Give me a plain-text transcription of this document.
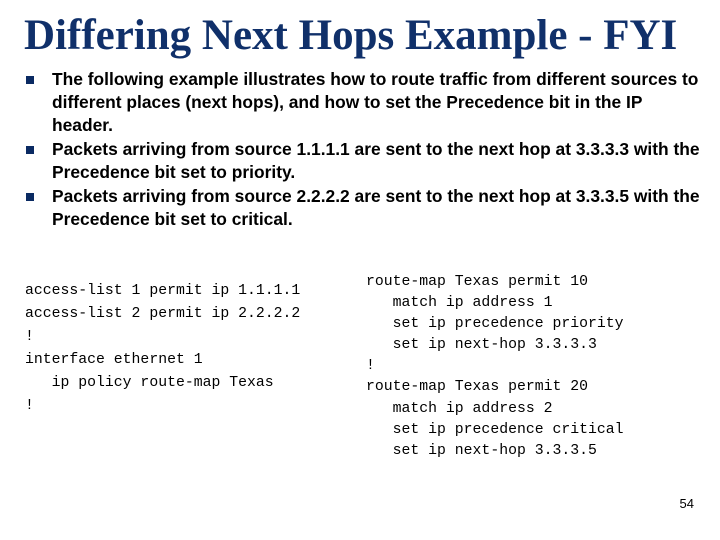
Differing Next Hops Example - FYI
The following example illustrates how to route traffic from different sources to different places (next hops), and how to set the Precedence bit in the IP header.
Packets arriving from source 1.1.1.1 are sent to the next hop at 3.3.3.3 with the Precedence bit set to priority.
Packets arriving from source 2.2.2.2 are sent to the next hop at 3.3.3.5 with the Precedence bit set to critical.
access-list 1 permit ip 1.1.1.1
access-list 2 permit ip 2.2.2.2
!
interface ethernet 1
ip policy route-map Texas
!
route-map Texas permit 10
match ip address 1
set ip precedence priority
set ip next-hop 3.3.3.3
!
route-map Texas permit 20
match ip address 2
set ip precedence critical
set ip next-hop 3.3.3.5
54
